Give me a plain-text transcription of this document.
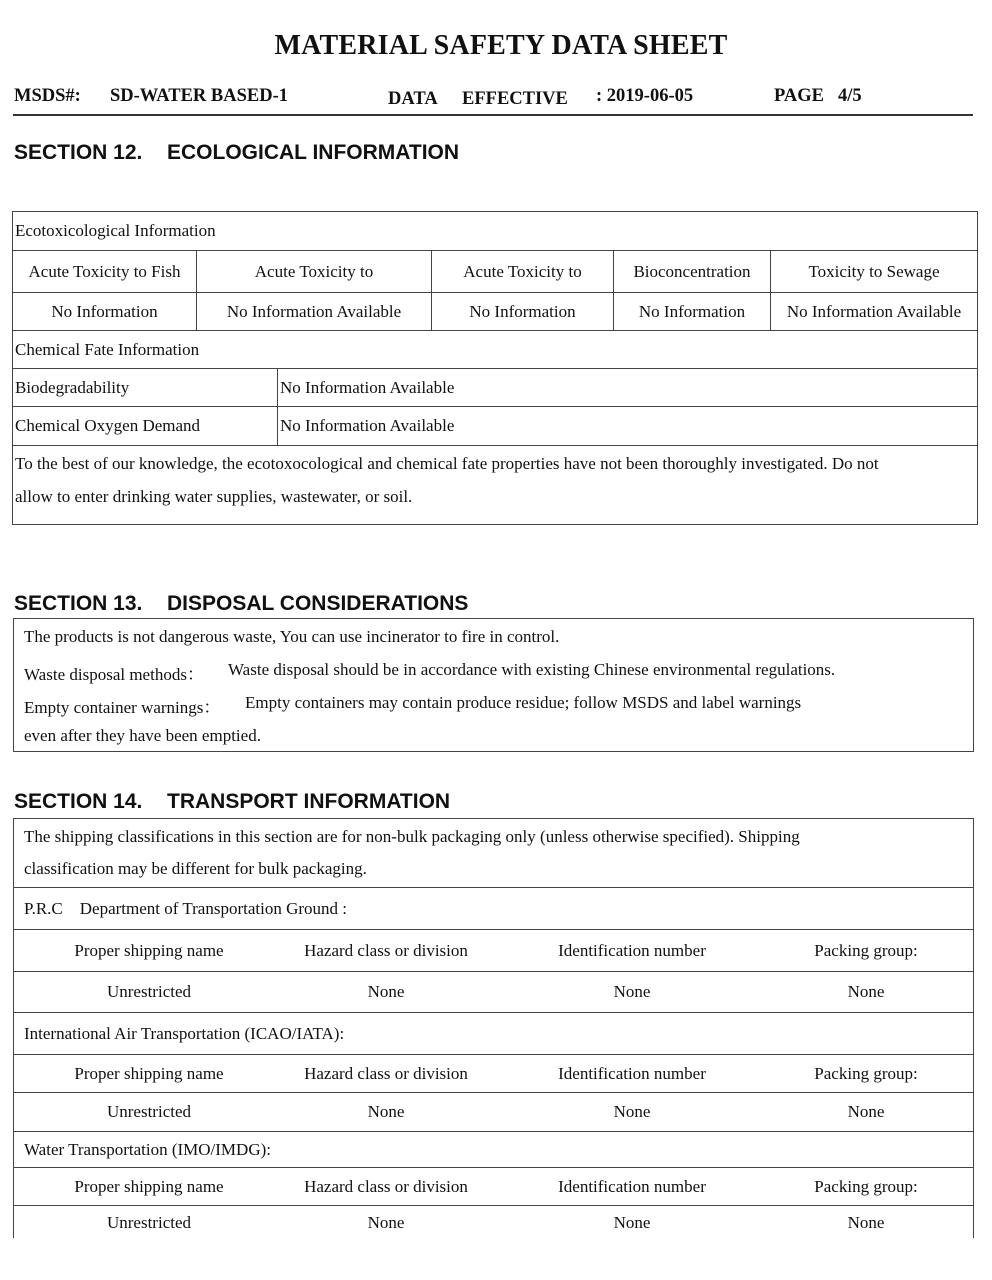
MATERIAL SAFETY DATA SHEET
MSDS#: SD-WATER BASED-1	DATA EFFECTIVE : 2019-06-05	PAGE 4/5
SECTION 12. ECOLOGICAL INFORMATION
Ecotoxicological Information
Acute Toxicity to Fish	Acute Toxicity to	Acute Toxicity to	Bioconcentration	Toxicity to Sewage
No Information	No Information Available	No Information	No Information	No Information Available
Chemical Fate Information
Biodegradability	No Information Available
Chemical Oxygen Demand	No Information Available
To the best of our knowledge, the ecotoxocological and chemical fate properties have not been thoroughly investigated. Do not
allow to enter drinking water supplies, wastewater, or soil.
SECTION 13. DISPOSAL CONSIDERATIONS
The products is not dangerous waste, You can use incinerator to fire in control.
Waste disposal methods： Waste disposal should be in accordance with existing Chinese environmental regulations.
Empty container warnings： Empty containers may contain produce residue; follow MSDS and label warnings
even after they have been emptied.
SECTION 14. TRANSPORT INFORMATION
The shipping classifications in this section are for non-bulk packaging only (unless otherwise specified). Shipping
classification may be different for bulk packaging.
P.R.C    Department of Transportation Ground :
Proper shipping name	Hazard class or division	Identification number	Packing group:
Unrestricted	None	None	None
International Air Transportation (ICAO/IATA):
Proper shipping name	Hazard class or division	Identification number	Packing group:
Unrestricted	None	None	None
Water Transportation (IMO/IMDG):
Proper shipping name	Hazard class or division	Identification number	Packing group:
Unrestricted	None	None	None
